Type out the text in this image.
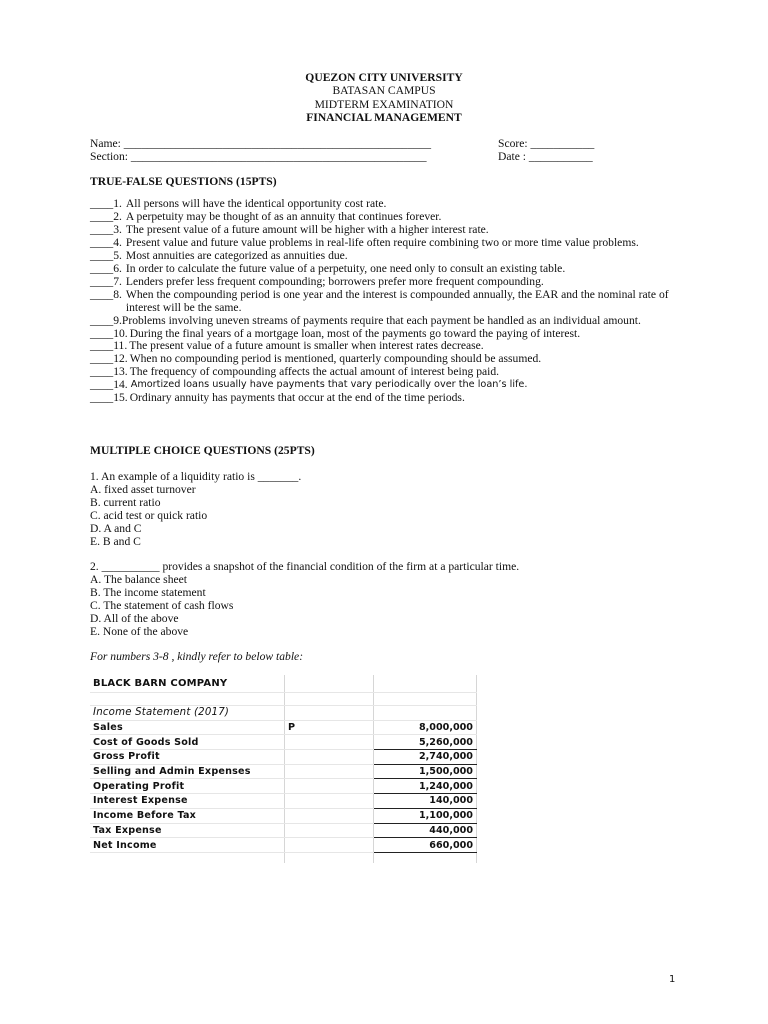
QUEZON CITY UNIVERSITY
BATASAN CAMPUS
MIDTERM EXAMINATION
FINANCIAL MANAGEMENT
Name: _____________________________________________________	Score: ___________
Section: ___________________________________________________	Date : ___________
TRUE-FALSE QUESTIONS (15PTS)
____1. All persons will have the identical opportunity cost rate.
____2. A perpetuity may be thought of as an annuity that continues forever.
____3. The present value of a future amount will be higher with a higher interest rate.
____4. Present value and future value problems in real-life often require combining two or more time value problems.
____5. Most annuities are categorized as annuities due.
____6. In order to calculate the future value of a perpetuity, one need only to consult an existing table.
____7. Lenders prefer less frequent compounding; borrowers prefer more frequent compounding.
____8. When the compounding period is one year and the interest is compounded annually, the EAR and the nominal rate of interest will be the same.
____9. Problems involving uneven streams of payments require that each payment be handled as an individual amount.
____10. During the final years of a mortgage loan, most of the payments go toward the paying of interest.
____11. The present value of a future amount is smaller when interest rates decrease.
____12. When no compounding period is mentioned, quarterly compounding should be assumed.
____13. The frequency of compounding affects the actual amount of interest being paid.
____14. Amortized loans usually have payments that vary periodically over the loan’s life.
____15. Ordinary annuity has payments that occur at the end of the time periods.
MULTIPLE CHOICE QUESTIONS (25PTS)
1. An example of a liquidity ratio is _______.
A. fixed asset turnover
B. current ratio
C. acid test or quick ratio
D. A and C
E. B and C
2. __________ provides a snapshot of the financial condition of the firm at a particular time.
A. The balance sheet
B. The income statement
C. The statement of cash flows
D. All of the above
E. None of the above
For numbers 3-8 , kindly refer to below table:
BLACK BARN COMPANY		

Income Statement (2017)		
Sales	P	8,000,000
Cost of Goods Sold		5,260,000
Gross Profit		2,740,000
Selling and Admin Expenses		1,500,000
Operating Profit		1,240,000
Interest Expense		140,000
Income Before Tax		1,100,000
Tax Expense		440,000
Net Income		660,000

1
